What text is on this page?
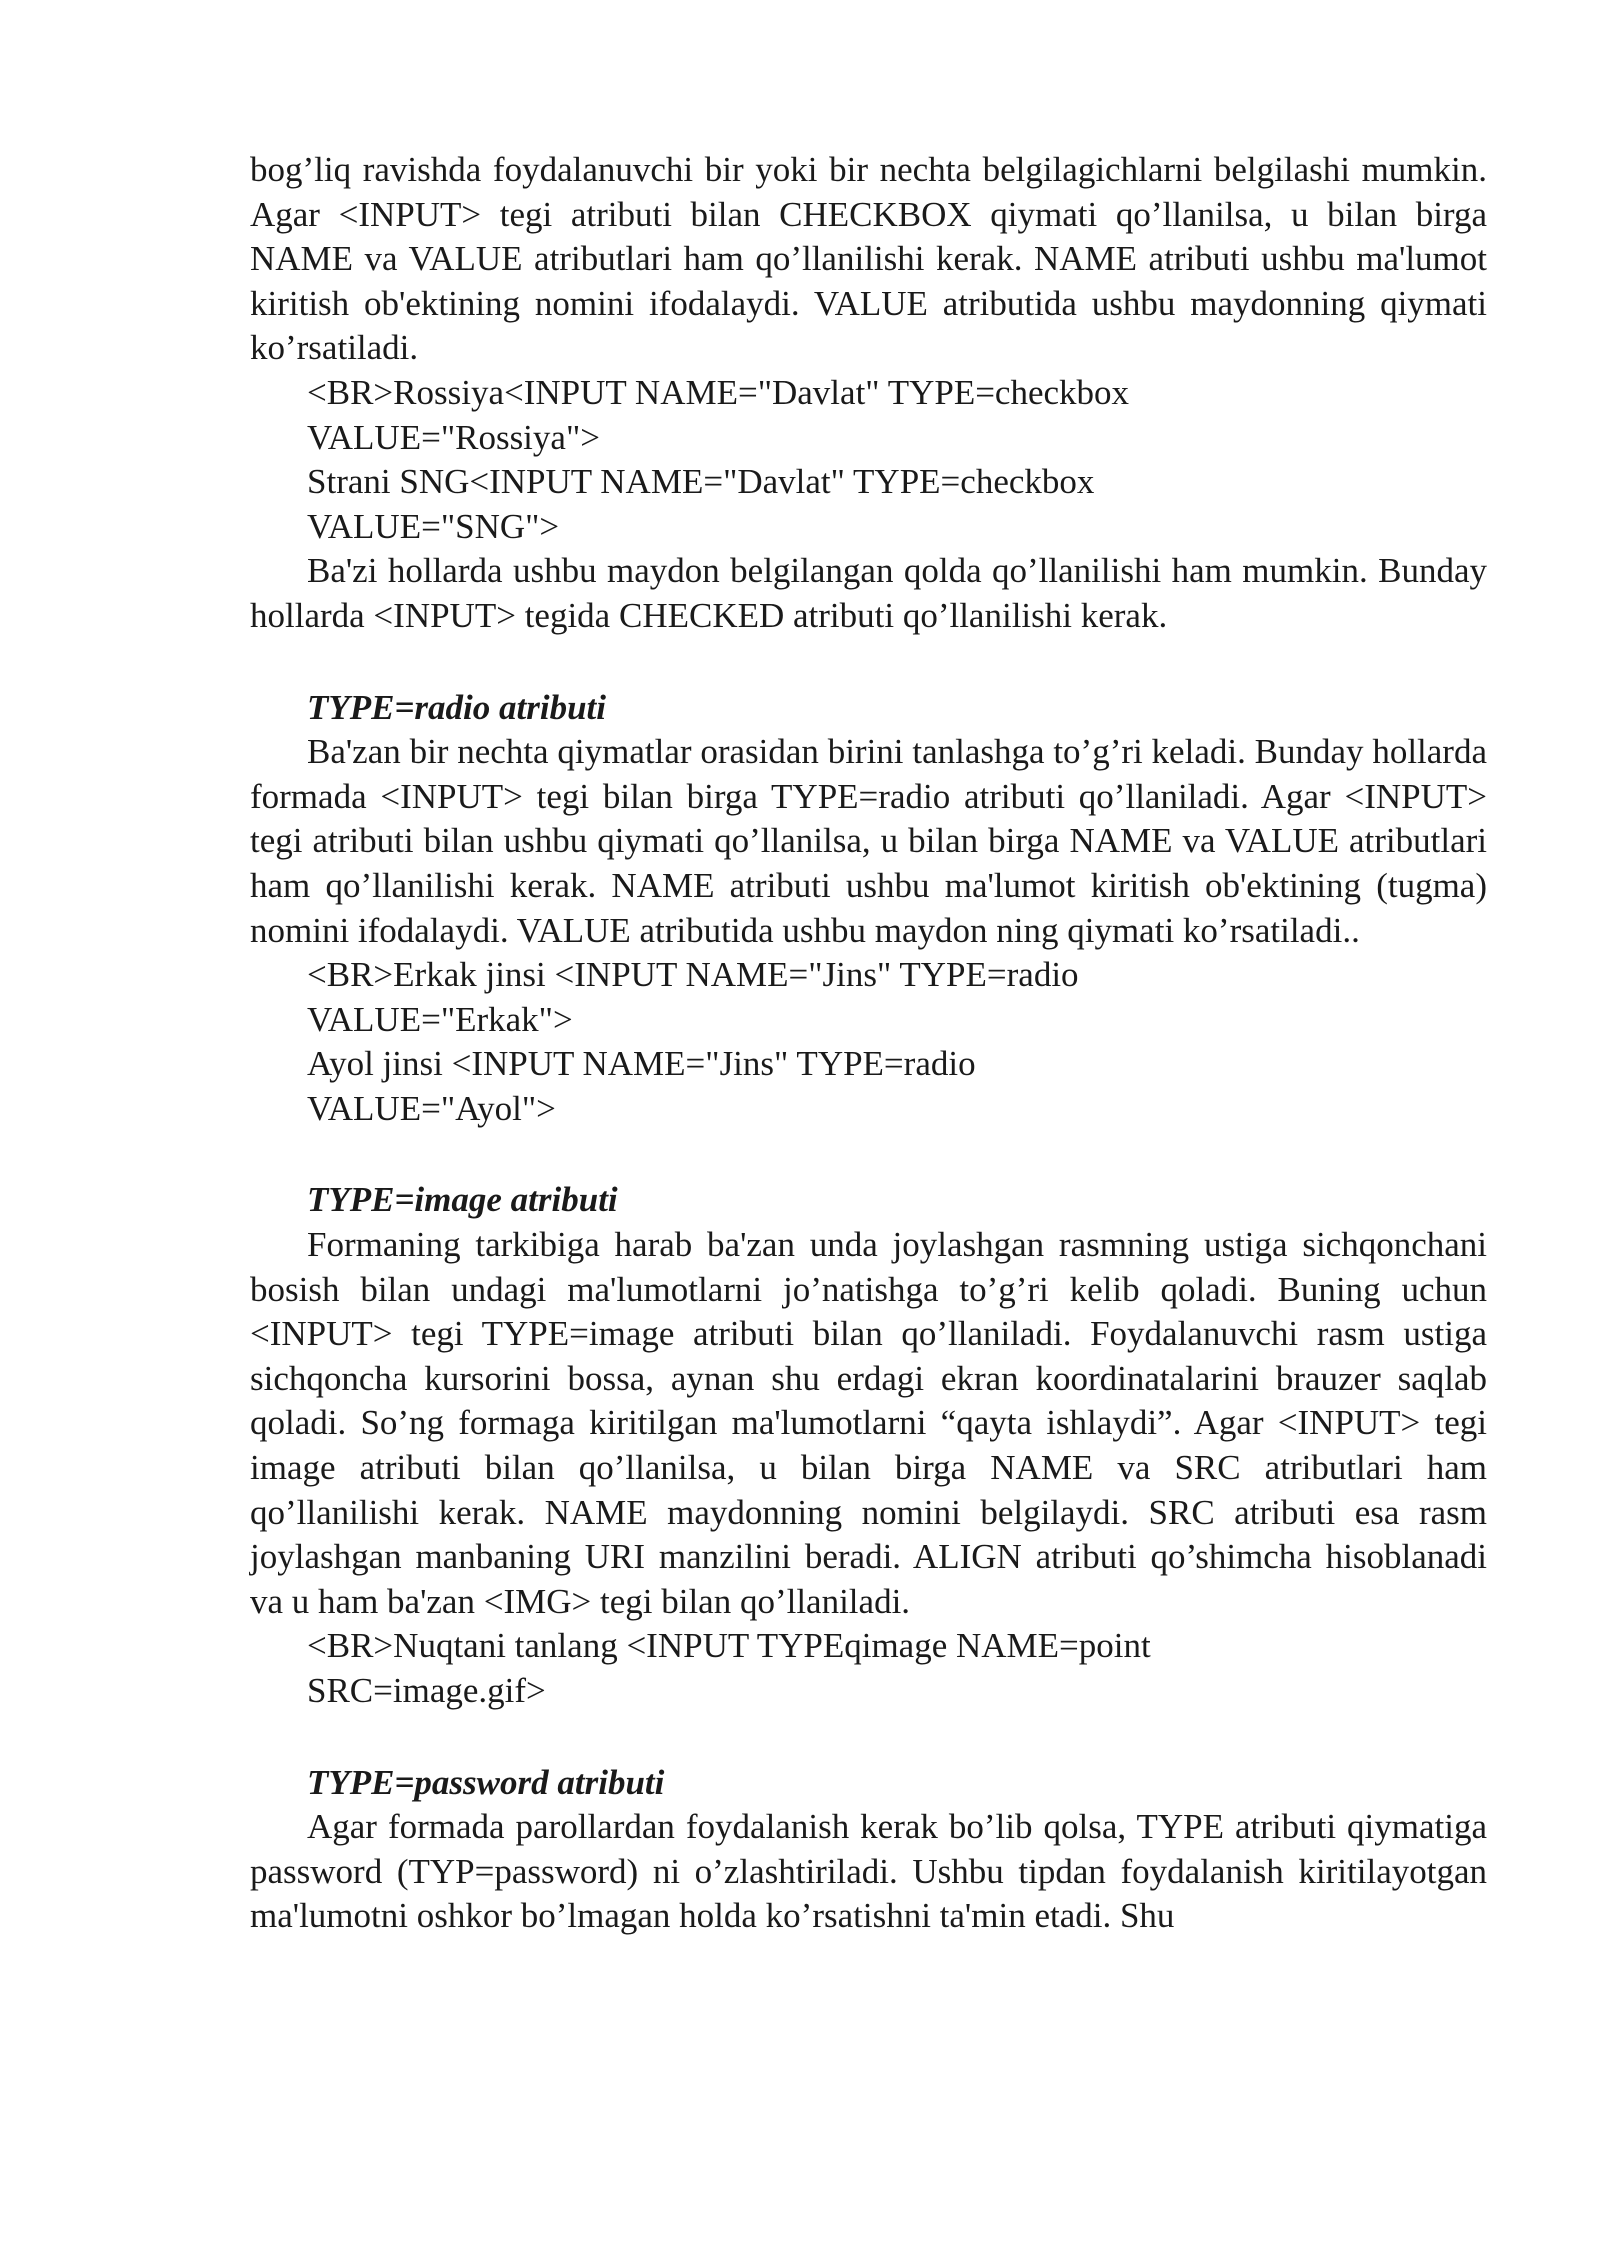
bog’liq ravishda foydalanuvchi bir yoki bir nechta belgilagichlarni belgilashi mumkin. Agar <INPUT> tegi atributi bilan CHECKBOX qiymati qo’llanilsa, u bilan birga NAME va VALUE atributlari ham qo’llanilishi kerak. NAME atributi ushbu ma'lumot kiritish ob'ektining nomini ifodalaydi. VALUE atributida ushbu maydonning qiymati ko’rsatiladi.
<BR>Rossiya<INPUT NAME="Davlat" TYPE=checkbox
VALUE="Rossiya">
Strani SNG<INPUT NAME="Davlat" TYPE=checkbox
VALUE="SNG">
Ba'zi hollarda ushbu maydon belgilangan qolda qo’llanilishi ham mumkin. Bunday hollarda <INPUT> tegida CHECKED atributi qo’llanilishi kerak.
TYPE=radio atributi
Ba'zan bir nechta qiymatlar orasidan birini tanlashga to’g’ri keladi. Bunday hollarda formada <INPUT> tegi bilan birga TYPE=radio atributi qo’llaniladi. Agar <INPUT> tegi atributi bilan ushbu qiymati qo’llanilsa, u bilan birga NAME va VALUE atributlari ham qo’llanilishi kerak. NAME atributi ushbu ma'lumot kiritish ob'ektining (tugma) nomini ifodalaydi. VALUE atributida ushbu maydon ning qiymati ko’rsatiladi..
<BR>Erkak jinsi <INPUT NAME="Jins" TYPE=radio
VALUE="Erkak">
Ayol jinsi <INPUT NAME="Jins" TYPE=radio
VALUE="Ayol">
TYPE=image atributi
Formaning tarkibiga harab ba'zan unda joylashgan rasmning ustiga sichqonchani bosish bilan undagi ma'lumotlarni jo’natishga to’g’ri kelib qoladi. Buning uchun <INPUT> tegi TYPE=image atributi bilan qo’llaniladi. Foydalanuvchi rasm ustiga sichqoncha kursorini bossa, aynan shu erdagi ekran koordinatalarini brauzer saqlab qoladi. So’ng formaga kiritilgan ma'lumotlarni “qayta ishlaydi”. Agar <INPUT> tegi image atributi bilan qo’llanilsa, u bilan birga NAME va SRC atributlari ham qo’llanilishi kerak. NAME maydonning nomini belgilaydi. SRC atributi esa rasm joylashgan manbaning URI manzilini beradi. ALIGN atributi qo’shimcha hisoblanadi va u ham ba'zan <IMG> tegi bilan qo’llaniladi.
<BR>Nuqtani tanlang <INPUT TYPEqimage NAME=point
SRC=image.gif>
TYPE=password atributi
Agar formada parollardan foydalanish kerak bo’lib qolsa, TYPE atributi qiymatiga password (TYP=password) ni o’zlashtiriladi. Ushbu tipdan foydalanish kiritilayotgan ma'lumotni oshkor bo’lmagan holda ko’rsatishni ta'min etadi. Shu
